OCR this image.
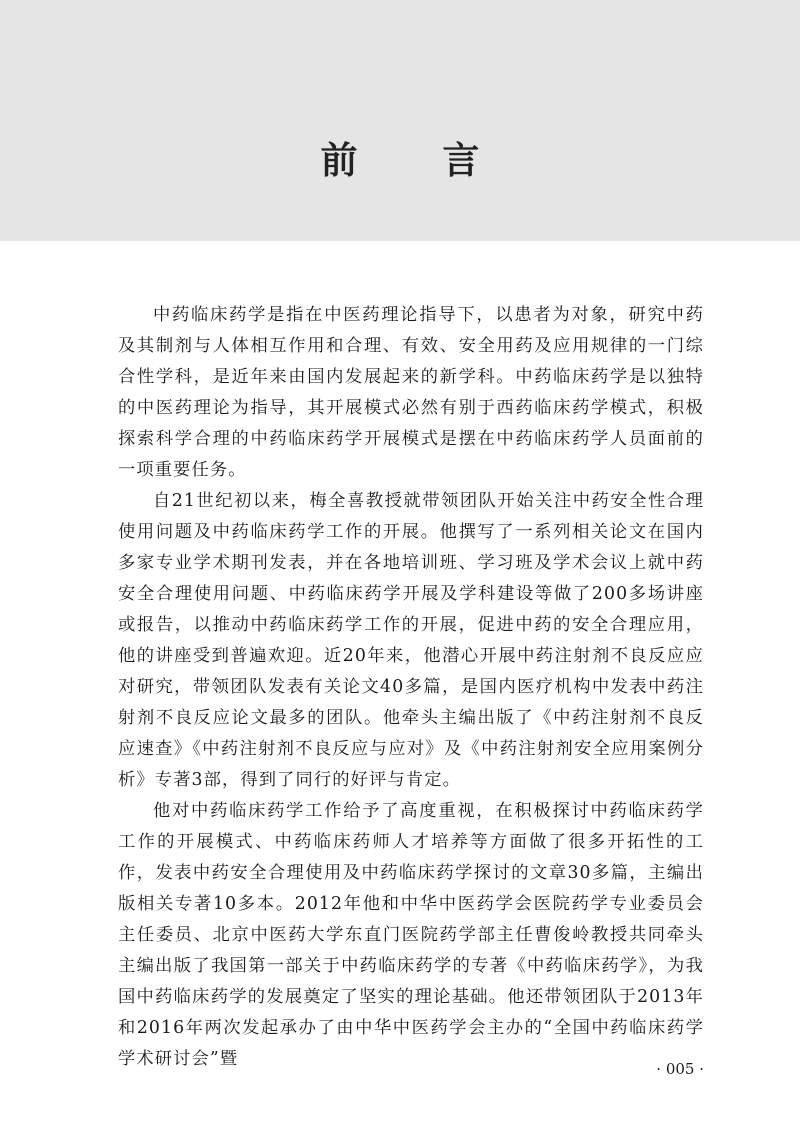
前 言

中药临床药学是指在中医药理论指导下，以患者为对象，研究中药及其制剂与人体相互作用和合理、有效、安全用药及应用规律的一门综合性学科，是近年来由国内发展起来的新学科。中药临床药学是以独特的中医药理论为指导，其开展模式必然有别于西药临床药学模式，积极探索科学合理的中药临床药学开展模式是摆在中药临床药学人员面前的一项重要任务。

自21世纪初以来，梅全喜教授就带领团队开始关注中药安全性合理使用问题及中药临床药学工作的开展。他撰写了一系列相关论文在国内多家专业学术期刊发表，并在各地培训班、学习班及学术会议上就中药安全合理使用问题、中药临床药学开展及学科建设等做了200多场讲座或报告，以推动中药临床药学工作的开展，促进中药的安全合理应用，他的讲座受到普遍欢迎。近20年来，他潜心开展中药注射剂不良反应应对研究，带领团队发表有关论文40多篇，是国内医疗机构中发表中药注射剂不良反应论文最多的团队。他牵头主编出版了《中药注射剂不良反应速查》《中药注射剂不良反应与应对》及《中药注射剂安全应用案例分析》专著3部，得到了同行的好评与肯定。

他对中药临床药学工作给予了高度重视，在积极探讨中药临床药学工作的开展模式、中药临床药师人才培养等方面做了很多开拓性的工作，发表中药安全合理使用及中药临床药学探讨的文章30多篇，主编出版相关专著10多本。2012年他和中华中医药学会医院药学专业委员会主任委员、北京中医药大学东直门医院药学部主任曹俊岭教授共同牵头主编出版了我国第一部关于中药临床药学的专著《中药临床药学》，为我国中药临床药学的发展奠定了坚实的理论基础。他还带领团队于2013年和2016年两次发起承办了由中华中医药学会主办的“全国中药临床药学学术研讨会”暨	· 005 ·
